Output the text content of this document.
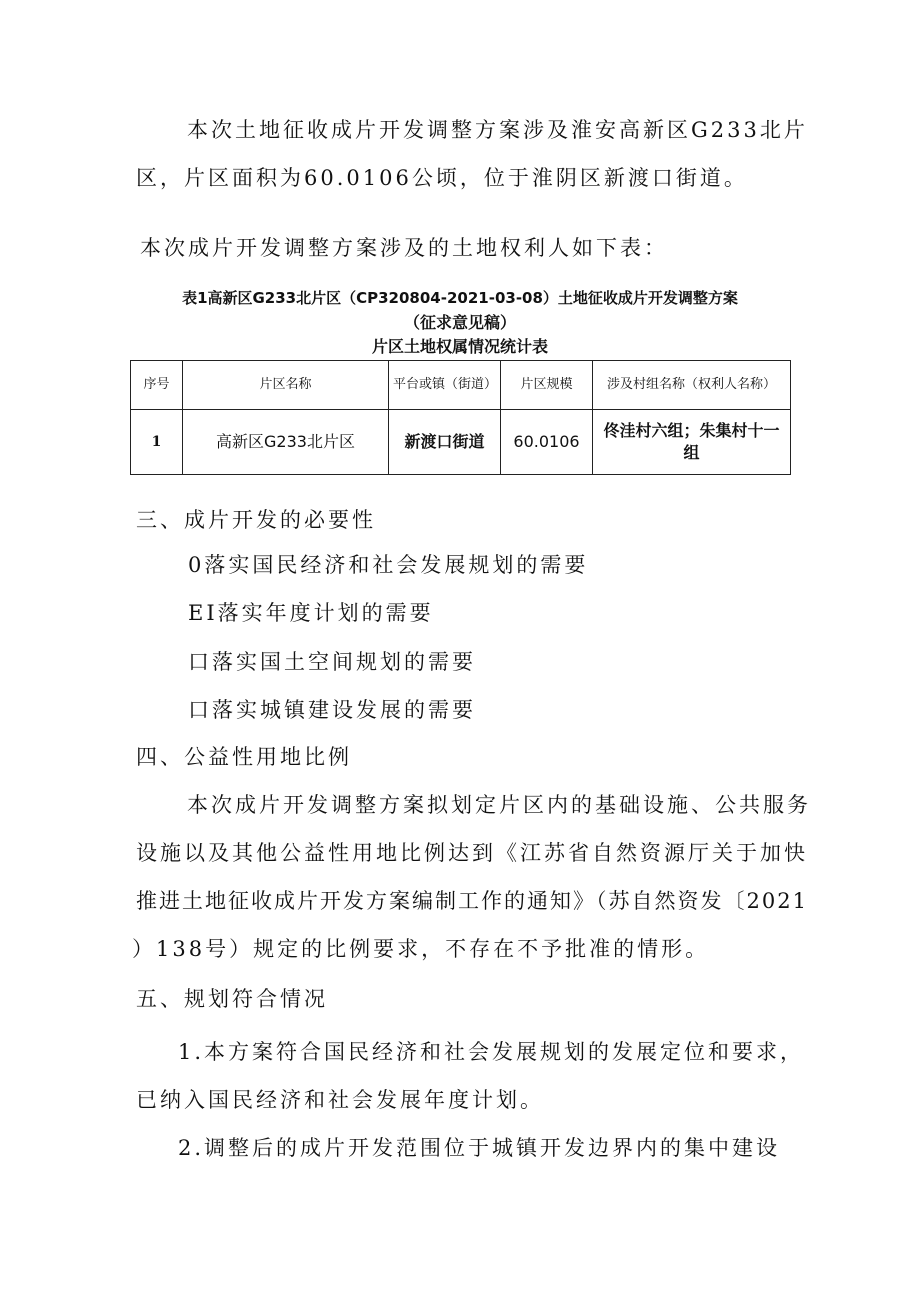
本次土地征收成片开发调整方案涉及淮安高新区G233北片
区，片区面积为60.0106公顷，位于淮阴区新渡口街道。
本次成片开发调整方案涉及的土地权利人如下表：
表1高新区G233北片区（CP320804-2021-03-08）土地征收成片开发调整方案
（征求意见稿）
片区土地权属情况统计表
序号	片区名称	平台或镇（街道）	片区规模	涉及村组名称（权利人名称）
1	高新区G233北片区	新渡口街道	60.0106	佟洼村六组；朱集村十一组
三、成片开发的必要性
0落实国民经济和社会发展规划的需要
EI落实年度计划的需要
口落实国土空间规划的需要
口落实城镇建设发展的需要
四、公益性用地比例
本次成片开发调整方案拟划定片区内的基础设施、公共服务
设施以及其他公益性用地比例达到《江苏省自然资源厅关于加快
推进土地征收成片开发方案编制工作的通知》（苏自然资发〔2021
）138号）规定的比例要求，不存在不予批准的情形。
五、规划符合情况
1.本方案符合国民经济和社会发展规划的发展定位和要求，
已纳入国民经济和社会发展年度计划。
2.调整后的成片开发范围位于城镇开发边界内的集中建设
